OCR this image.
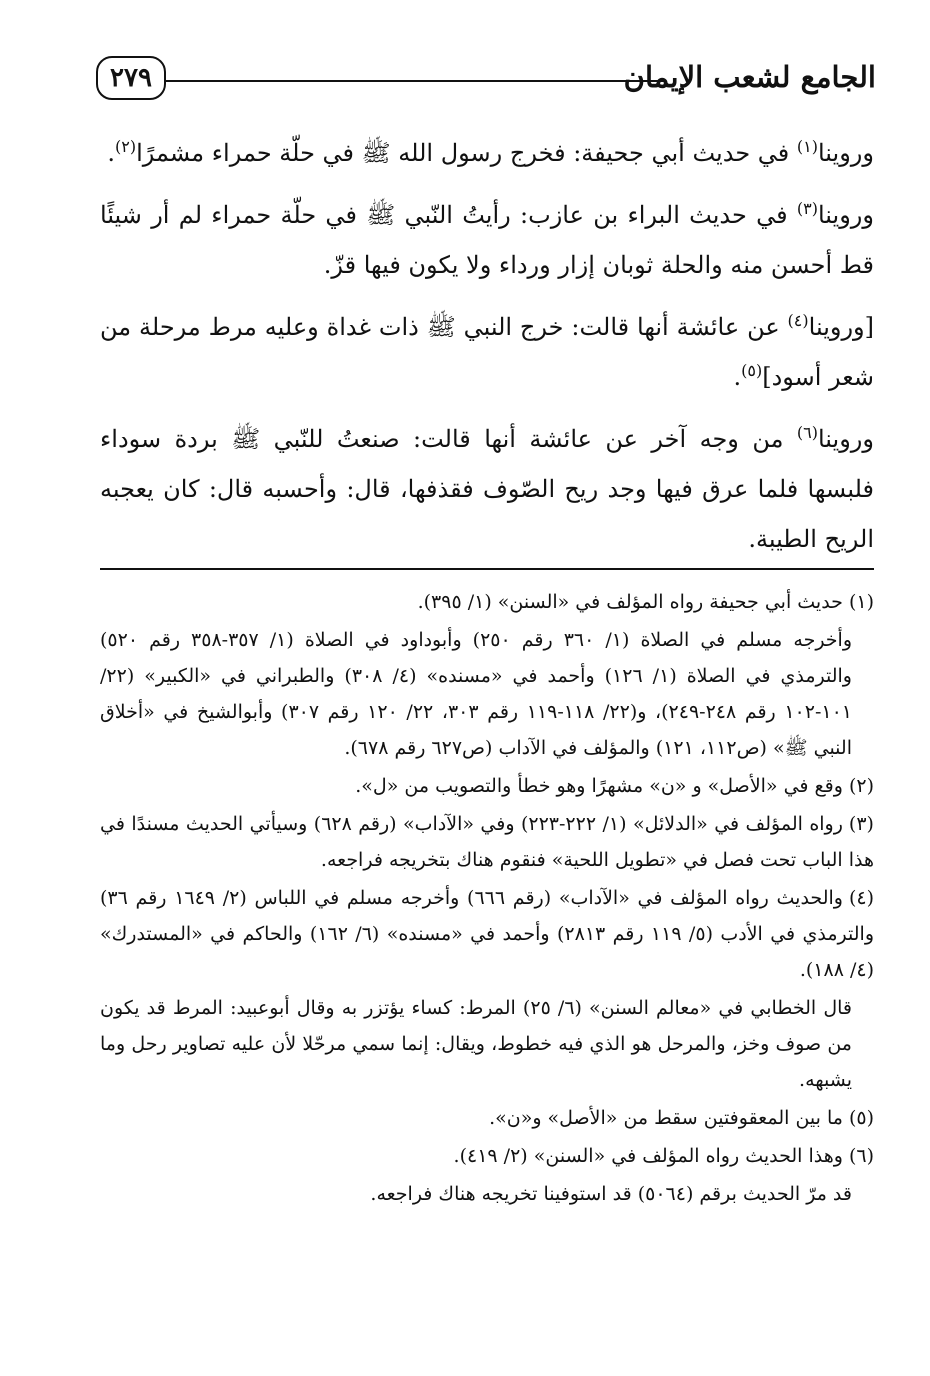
الجامع لشعب الإيمان
٢٧٩

وروينا$^{(١)}$ في حديث أبي جحيفة: فخرج رسول الله ﷺ في حلّة حمراء مشمرًا$^{(٢)}$.

وروينا$^{(٣)}$ في حديث البراء بن عازب: رأيتُ النّبي ﷺ في حلّة حمراء لم أر شيئًا قط أحسن منه والحلة ثوبان إزار ورداء ولا يكون فيها قزّ.

[وروينا$^{(٤)}$ عن عائشة أنها قالت: خرج النبي ﷺ ذات غداة وعليه مرط مرحلة من شعر أسود]$^{(٥)}$.

وروينا$^{(٦)}$ من وجه آخر عن عائشة أنها قالت: صنعتُ للنّبي ﷺ بردة سوداء فلبسها فلما عرق فيها وجد ريح الصّوف فقذفها، قال: وأحسبه قال: كان يعجبه الريح الطيبة.

(١)حديث أبي جحيفة رواه المؤلف في «السنن» (١/ ٣٩٥).

وأخرجه مسلم في الصلاة (١/ ٣٦٠ رقم ٢٥٠) وأبوداود في الصلاة (١/ ٣٥٧-٣٥٨ رقم ٥٢٠) والترمذي في الصلاة (١/ ١٢٦) وأحمد في «مسنده» (٤/ ٣٠٨) والطبراني في «الكبير» (٢٢/ ١٠١-١٠٢ رقم ٢٤٨-٢٤٩)، و(٢٢/ ١١٨-١١٩ رقم ٣٠٣، ٢٢/ ١٢٠ رقم ٣٠٧) وأبوالشيخ في «أخلاق النبي ﷺ» (ص١١٢، ١٢١) والمؤلف في الآداب (ص٦٢٧ رقم ٦٧٨).

(٢)وقع في «الأصل» و «ن» مشهرًا وهو خطأ والتصويب من «ل».

(٣)رواه المؤلف في «الدلائل» (١/ ٢٢٢-٢٢٣) وفي «الآداب» (رقم ٦٢٨) وسيأتي الحديث مسندًا في هذا الباب تحت فصل في «تطويل اللحية» فنقوم هناك بتخريجه فراجعه.

(٤)والحديث رواه المؤلف في «الآداب» (رقم ٦٦٦) وأخرجه مسلم في اللباس (٢/ ١٦٤٩ رقم ٣٦) والترمذي في الأدب (٥/ ١١٩ رقم ٢٨١٣) وأحمد في «مسنده» (٦/ ١٦٢) والحاكم في «المستدرك» (٤/ ١٨٨).

قال الخطابي في «معالم السنن» (٦/ ٢٥) المرط: كساء يؤتزر به وقال أبوعبيد: المرط قد يكون من صوف وخز، والمرحل هو الذي فيه خطوط، ويقال: إنما سمي مرحّلا لأن عليه تصاوير رحل وما يشبهه.

(٥)ما بين المعقوفتين سقط من «الأصل» و«ن».

(٦)وهذا الحديث رواه المؤلف في «السنن» (٢/ ٤١٩).

قد مرّ الحديث برقم (٥٠٦٤) قد استوفينا تخريجه هناك فراجعه.
